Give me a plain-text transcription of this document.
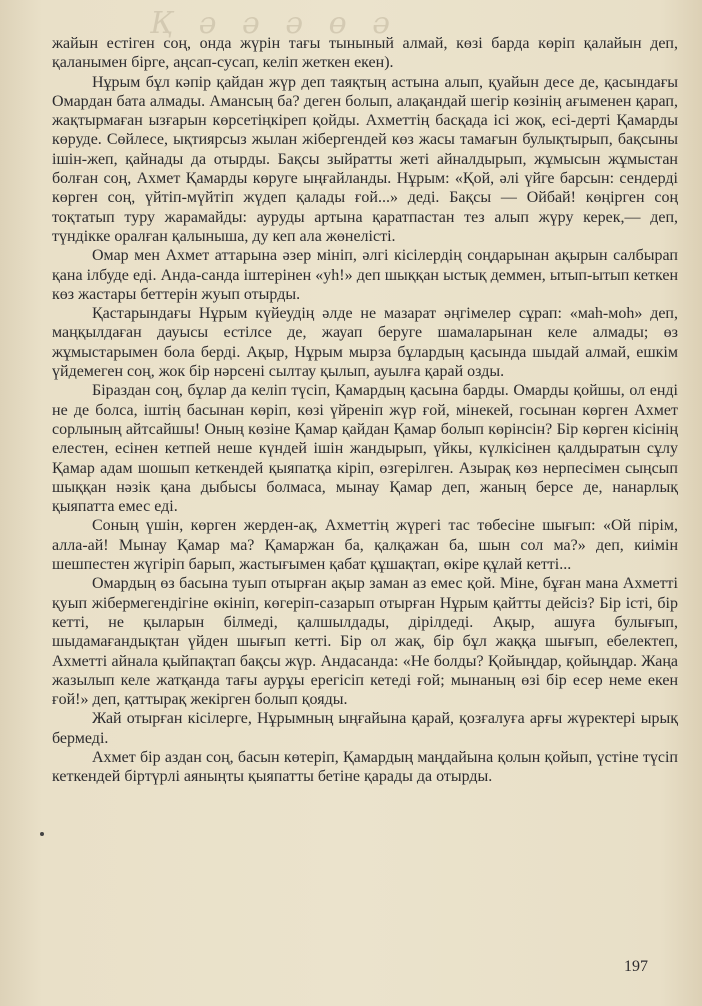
Қ ә ә ә ө ә

жайын естіген соң, онда жүрін тағы тыныный алмай, көзі барда көріп қалайын деп, қаланымен бірге, аңсап-сусап, келіп жеткен екен).

Нұрым бұл кәпір қайдан жүр деп таяқтың астына алып, қуайын десе де, қасындағы Омардан бата алмады. Амансың ба? деген болып, алақандай шегір көзінің ағыменен қарап, жақтырмаған ызғарын көрсетіңкіреп қойды. Ахметтің басқада ісі жоқ, есі-дерті Қамарды көруде. Сөйлесе, ықтиярсыз жылан жібергендей көз жасы тамағын булықтырып, бақсыны ішін-жеп, қайнады да отырды. Бақсы зыйратты жеті айналдырып, жұмысын жұмыстан болған соң, Ахмет Қамарды көруге ыңғайланды. Нұрым: «Қой, әлі үйге барсын: сендерді көрген соң, үйтіп-мүйтіп жүдеп қалады ғой...» деді. Бақсы — Ойбай! көңірген соң тоқтатып туру жарамайды: ауруды артына қаратпастан тез алып жүру керек,— деп, түндікке оралған қалыныша, ду кеп ала жөнелісті.

Омар мен Ахмет аттарына әзер мініп, әлгі кісілердің соңдарынан ақырын салбырап қана ілбуде еді. Анда-санда іштерінен «уһ!» деп шыққан ыстық деммен, ытып-ытып кеткен көз жастары беттерін жуып отырды.

Қастарындағы Нұрым күйеудің әлде не мазарат әңгімелер сұрап: «маһ-моһ» деп, маңқылдаған дауысы естілсе де, жауап беруге шамаларынан келе алмады; өз жұмыстарымен бола берді. Ақыр, Нұрым мырза бұлардың қасында шыдай алмай, ешкім үйдемеген соң, жок бір нәрсені сылтау қылып, ауылға қарай озды.

Біраздан соң, бұлар да келіп түсіп, Қамардың қасына барды. Омарды қойшы, ол енді не де болса, іштің басынан көріп, көзі үйреніп жүр ғой, мінекей, госынан көрген Ахмет сорлының айтсайшы! Оның көзіне Қамар қайдан Қамар болып көрінсін? Бір көрген кісінің елестен, есінен кетпей неше күндей ішін жандырып, үйкы, күлкісінен қалдыратын сұлу Қамар адам шошып кеткендей қыяпатқа кіріп, өзгерілген. Азырақ көз нерпесімен сыңсып шыққан нәзік қана дыбысы болмаса, мынау Қамар деп, жаның берсе де, нанарлық қыяпатта емес еді.

Соның үшін, көрген жерден-ақ, Ахметтің жүрегі тас төбесіне шығып: «Ой пірім, алла-ай! Мынау Қамар ма? Қамаржан ба, қалқажан ба, шын сол ма?» деп, киімін шешпестен жүгіріп барып, жастығымен қабат құшақтап, өкіре құлай кетті...

Омардың өз басына туып отырған ақыр заман аз емес қой. Міне, бұған мана Ахметті қуып жібермегендігіне өкініп, көгеріп-сазарып отырған Нұрым қайтты дейсіз? Бір істі, бір кетті, не қыларын білмеді, қалшылдады, дірілдеді. Ақыр, ашуға булығып, шыдамағандықтан үйден шығып кетті. Бір ол жақ, бір бұл жаққа шығып, ебелектеп, Ахметті айнала қыйпақтап бақсы жүр. Андасанда: «Не болды? Қойыңдар, қойыңдар. Жаңа жазылып келе жатқанда тағы аурұы ерегісіп кетеді ғой; мынаның өзі бір есер неме екен ғой!» деп, қаттырақ жекірген болып қояды.

Жай отырған кісілерге, Нұрымның ыңғайына қарай, қозғалуға арғы жүректері ырық бермеді.

Ахмет бір аздан соң, басын көтеріп, Қамардың маңдайына қолын қойып, үстіне түсіп кеткендей біртүрлі аяныңты қыяпатты бетіне қарады да отырды.

197
